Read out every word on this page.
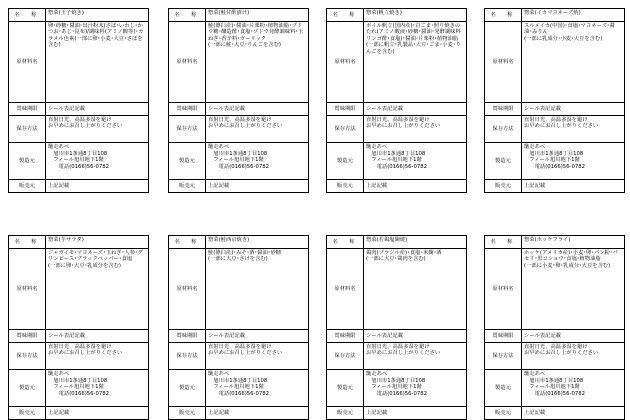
名　称	惣菜(玉子焼き)
原材料名	卵･砂糖･醤油･出汁粉末(さば･いわし･かつお･あじ･昆布)/調味料(アミノ酸等)･カラメル色素(一部に卵･小麦･大豆･さばを含む)
賞味期限	シール表記記載
保存方法	直射日光、高温多湿を避け
お早めにお召し上がりください
製造元	馳走あべ
　旭川市1条通8丁目108
　フィール旭川地下1階
　　電話(0166)56-0782
販売元	上記記載
名　称	惣菜(鮭甘酢漬け)
原材料名	鮭(篠臼産)･醤油･片栗粉･植物油脂･ブドウ糖･醸造酢･食塩･ブドウ発酵調味料･玉ねぎ･香辛料･ガーリック
(一部に鮭･大豆･りんごを含む)
賞味期限	シール表記記載
保存方法	直射日光、高温多湿を避け
お早めにお召し上がりください
製造元	馳走あべ
　旭川市1条通8丁目108
　フィール旭川地下1階
　　電話(0166)56-0782
販売元	上記記載
名　称	惣菜(帆立焼き)
原材料名	ボイル帆立(国内産)･白ごま･照り焼きのたれ(アミノ酸液･砂糖･醤油･発酵調味料リンゴ酢･食塩)･醤油･片栗粉･植物油脂
(一部に帆立･乳製品･大豆･ごま･小麦･りんごを含む)
賞味期限	シール表記記載
保存方法	直射日光、高温多湿を避け
お早めにお召し上がりください
製造元	馳走あべ
　旭川市1条通8丁目108
　フィール旭川地下1階
　　電話(0166)56-0782
販売元	上記記載
名　称	惣菜(イカマヨネーズ焼)
原材料名	スルメイカ(中国)･食塩･マヨネーズ･醤油･みりん
(一部に乳成分･小麦･大豆を含む)
賞味期限	シール表記記載
保存方法	直射日光、高温多湿を避け
お早めにお召し上がりください
製造元	馳走あべ
　旭川市1条通8丁目108
　フィール旭川地下1階
　　電話(0166)56-0782
販売元	上記記載
名　称	惣菜(芋サラダ)
原材料名	ジャガイモ･マヨネーズ･玉ねぎ･人参･グリンピース･ブラックペッパー･食塩
(一部に卵･大豆･乳成分を含む)
賞味期限	シール表記記載
保存方法	直射日光、高温多湿を避け
お早めにお召し上がりください
製造元	馳走あべ
　旭川市1条通8丁目108
　フィール旭川地下1階
　　電話(0166)56-0782
販売元	上記記載
名　称	惣菜(鮭西京焼き)
原材料名	鮭(篠臼産)･みそ･酒･醤油･砂糖
(一部に大豆･さけを含む)
賞味期限	シール表記記載
保存方法	直射日光、高温多湿を避け
お早めにお召し上がりください
製造元	馳走あべ
　旭川市1条通8丁目108
　フィール旭川地下1階
　　電話(0166)56-0782
販売元	上記記載
名　称	惣菜(若鶏塩麹焼)
原材料名	鶏肉(ブラジル産)･食塩･米麹･酒
(一部に大豆･鶏肉を含む)
賞味期限	シール表記記載
保存方法	直射日光、高温多湿を避け
お早めにお召し上がりください
製造元	馳走あべ
　旭川市1条通8丁目108
　フィール旭川地下1階
　　電話(0166)56-0782
販売元	上記記載
名　称	惣菜(ホッケフライ)
原材料名	ホッケ(アメリカ産)･小麦･卵･パン粉･パセリ･黒コショウ･食塩･植物油脂
(一部に小麦･卵･乳成分･大豆を含む)
賞味期限	シール表記記載
保存方法	直射日光、高温多湿を避け
お早めにお召し上がりください
製造元	馳走あべ
　旭川市1条通8丁目108
　フィール旭川地下1階
　　電話(0166)56-0782
販売元	上記記載
